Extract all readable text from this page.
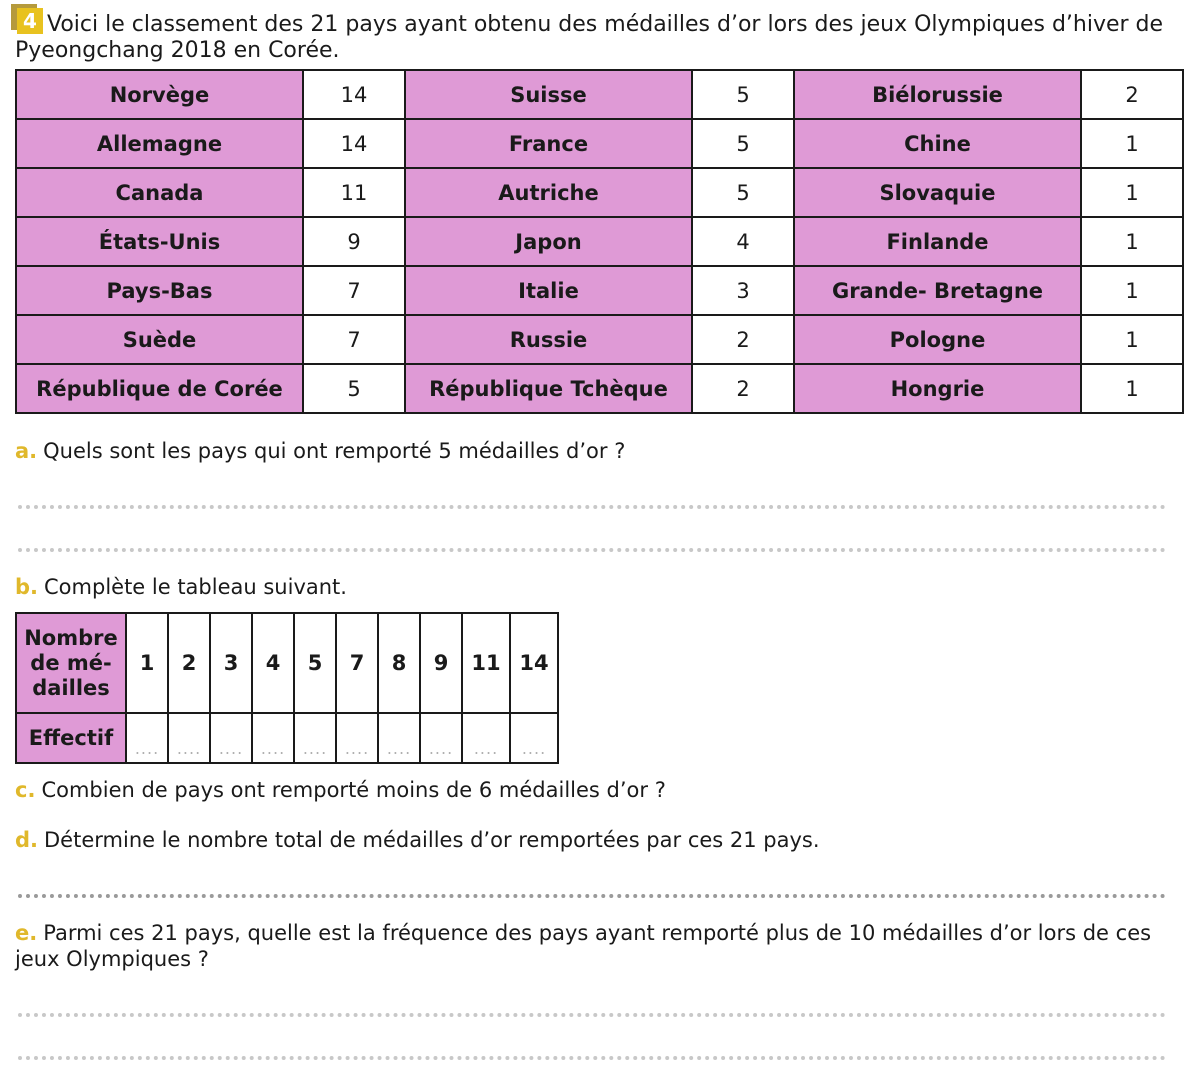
4 Voici le classement des 21 pays ayant obtenu des médailles d’or lors des jeux Olympiques d’hiver de Pyeongchang 2018 en Corée.
Norvège	14	Suisse	5	Biélorussie	2
Allemagne	14	France	5	Chine	1
Canada	11	Autriche	5	Slovaquie	1
États-Unis	9	Japon	4	Finlande	1
Pays-Bas	7	Italie	3	Grande- Bretagne	1
Suède	7	Russie	2	Pologne	1
République de Corée	5	République Tchèque	2	Hongrie	1
a. Quels sont les pays qui ont remporté 5 médailles d’or ?
b. Complète le tableau suivant.
Nombre de mé- dailles	1	2	3	4	5	7	8	9	11	14
Effectif	....	....	....	....	....	....	....	....	....	....
c. Combien de pays ont remporté moins de 6 médailles d’or ?
d. Détermine le nombre total de médailles d’or remportées par ces 21 pays.
e. Parmi ces 21 pays, quelle est la fréquence des pays ayant remporté plus de 10 médailles d’or lors de ces jeux Olympiques ?
